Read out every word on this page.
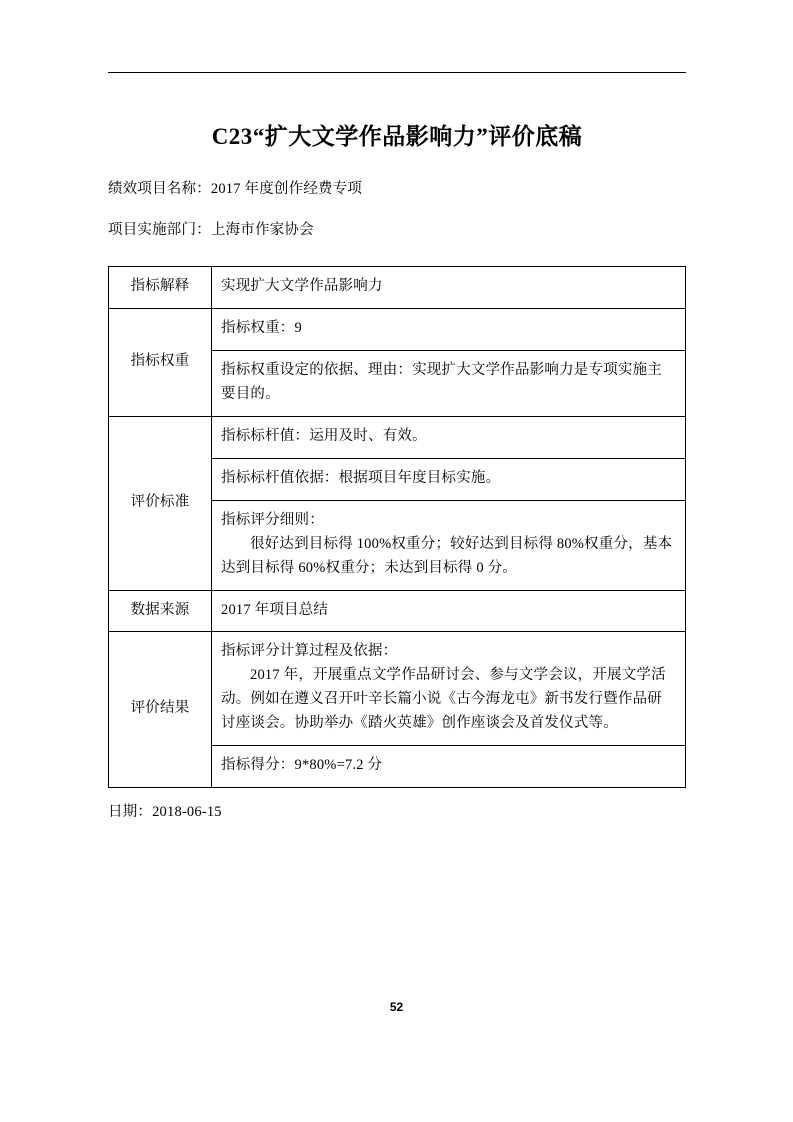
C23“扩大文学作品影响力”评价底稿

绩效项目名称：2017 年度创作经费专项

项目实施部门：上海市作家协会

指标解释	实现扩大文学作品影响力
指标权重	指标权重：9
	指标权重设定的依据、理由：实现扩大文学作品影响力是专项实施主要目的。
评价标准	指标标杆值：运用及时、有效。
	指标标杆值依据：根据项目年度目标实施。

	指标评分细则：

很好达到目标得 100%权重分；较好达到目标得 80%权重分，基本达到目标得 60%权重分；未达到目标得 0 分。

数据来源	2017 年项目总结
评价结果	指标评分计算过程及依据：

2017 年，开展重点文学作品研讨会、参与文学会议，开展文学活动。例如在遵义召开叶辛长篇小说《古今海龙屯》新书发行暨作品研讨座谈会。协助举办《踏火英雄》创作座谈会及首发仪式等。

	指标得分：9*80%=7.2 分
日期：2018-06-15
52
